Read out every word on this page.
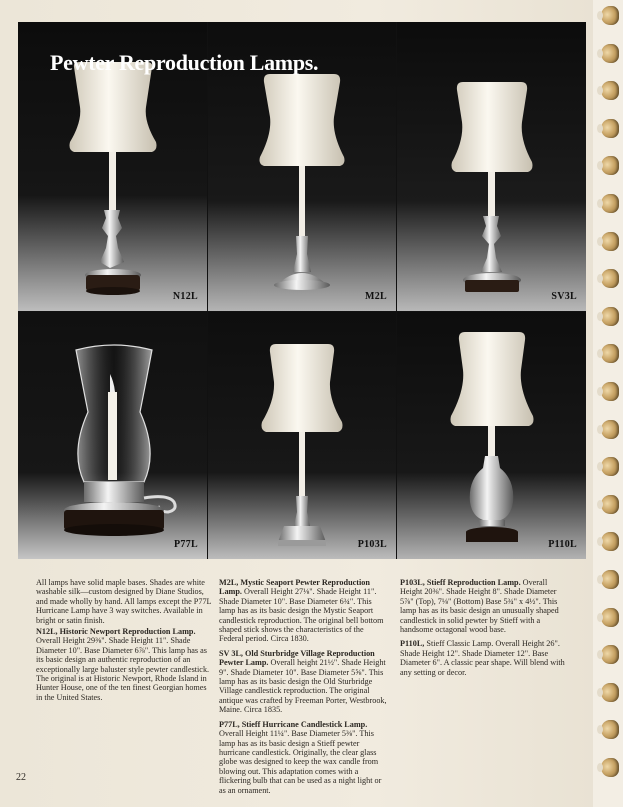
N12L	M2L	SV3L
P77L	P103L	P110L
Pewter Reproduction Lamps.

All lamps have solid maple bases. Shades are white washable silk—custom designed by Diane Studios, and made wholly by hand. All lamps except the P77L Hurricane Lamp have 3 way switches. Available in bright or satin finish.

N12L, Historic Newport Reproduction Lamp. Overall Height 29⅜". Shade Height 11". Shade Diameter 10". Base Diameter 6⅞". This lamp has as its basic design an authentic reproduction of an exceptionally large baluster style pewter candlestick. The original is at Historic Newport, Rhode Island in Hunter House, one of the ten finest Georgian homes in the United States.

M2L, Mystic Seaport Pewter Reproduction Lamp. Overall Height 27⅛". Shade Height 11". Shade Diameter 10". Base Diameter 6¾". This lamp has as its basic design the Mystic Seaport candlestick reproduction. The original bell bottom shaped stick shows the characteristics of the Federal period. Circa 1830.

SV 3L, Old Sturbridge Village Reproduction Pewter Lamp. Overall height 21½". Shade Height 9". Shade Diameter 10". Base Diameter 5⅝". This lamp has as its basic design the Old Sturbridge Village candlestick reproduction. The original antique was crafted by Freeman Porter, Westbrook, Maine. Circa 1835.

P77L, Stieff Hurricane Candlestick Lamp. Overall Height 11¼". Base Diameter 5⅜". This lamp has as its basic design a Stieff pewter hurricane candlestick. Originally, the clear glass globe was designed to keep the wax candle from blowing out. This adaptation comes with a flickering bulb that can be used as a night light or as an ornament.

P103L, Stieff Reproduction Lamp. Overall Height 20⅜". Shade Height 8". Shade Diameter 5⅞" (Top), 7⅛" (Bottom) Base 5¾" x 4½". This lamp has as its basic design an unusually shaped candlestick in solid pewter by Stieff with a handsome octagonal wood base.

P110L, Stieff Classic Lamp. Overall Height 26". Shade Height 12". Shade Diameter 12". Base Diameter 6". A classic pear shape. Will blend with any setting or decor.

22
